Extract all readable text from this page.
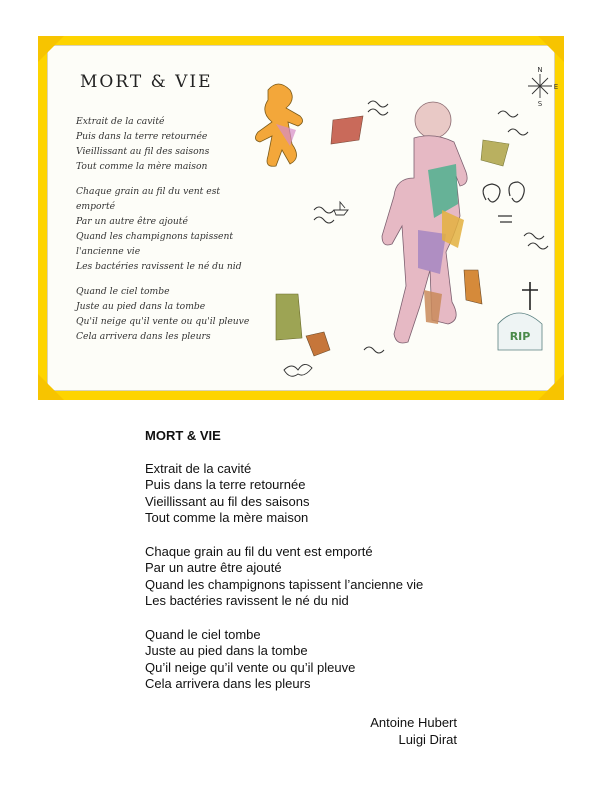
MORT & VIE
Extrait de la cavité
Puis dans la terre retournée
Vieillissant au fil des saisons
Tout comme la mère maison
Chaque grain au fil du vent est emporté
Par un autre être ajouté
Quand les champignons tapissent l'ancienne vie
Les bactéries ravissent le né du nid
Quand le ciel tombe
Juste au pied dans la tombe
Qu'il neige qu'il vente ou qu'il pleuve
Cela arrivera dans les pleurs	RIP
N
S
E
MORT & VIE
Extrait de la cavité
Puis dans la terre retournée
Vieillissant au fil des saisons
Tout comme la mère maison
Chaque grain au fil du vent est emporté
Par un autre être ajouté
Quand les champignons tapissent l’ancienne vie
Les bactéries ravissent le né du nid
Quand le ciel tombe
Juste au pied dans la tombe
Qu’il neige qu’il vente ou qu’il pleuve
Cela arrivera dans les pleurs
Antoine Hubert
Luigi Dirat
